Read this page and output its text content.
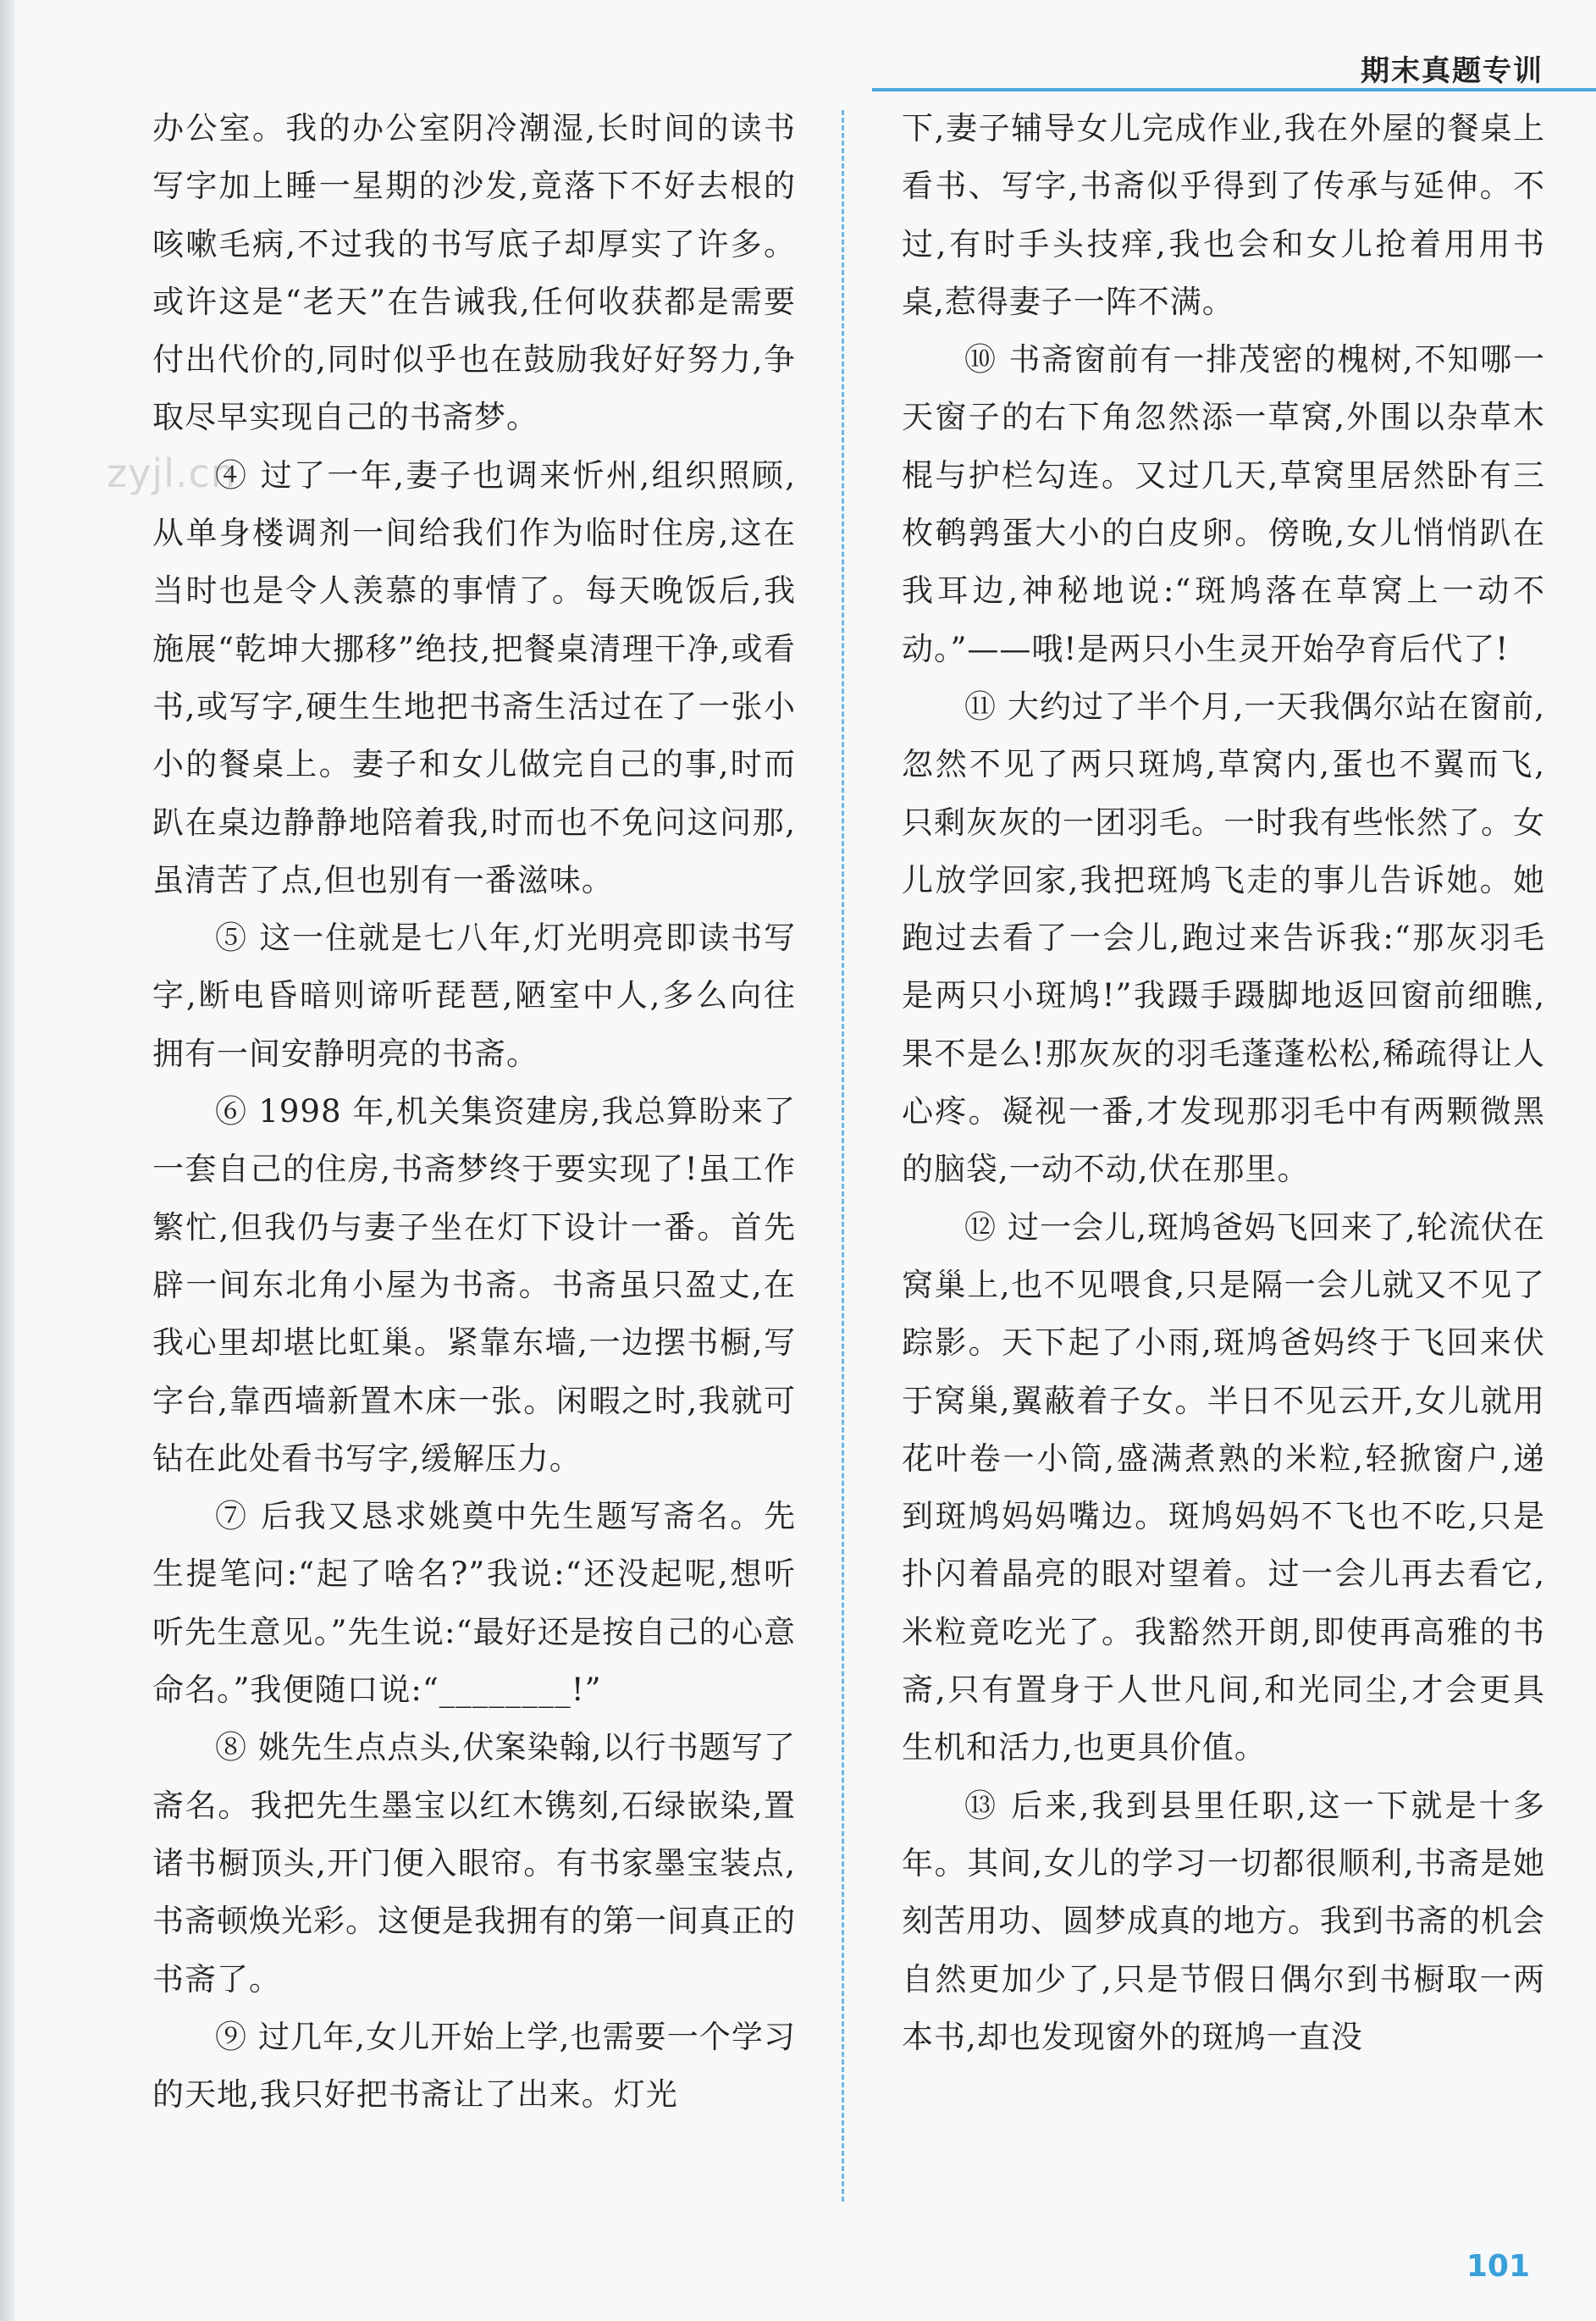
期末真题专训
zyjl.cn

办公室。我的办公室阴冷潮湿,长时间的读书写字加上睡一星期的沙发,竟落下不好去根的咳嗽毛病,不过我的书写底子却厚实了许多。或许这是“老天”在告诫我,任何收获都是需要付出代价的,同时似乎也在鼓励我好好努力,争取尽早实现自己的书斋梦。

④ 过了一年,妻子也调来忻州,组织照顾,从单身楼调剂一间给我们作为临时住房,这在当时也是令人羡慕的事情了。每天晚饭后,我施展“乾坤大挪移”绝技,把餐桌清理干净,或看书,或写字,硬生生地把书斋生活过在了一张小小的餐桌上。妻子和女儿做完自己的事,时而趴在桌边静静地陪着我,时而也不免问这问那,虽清苦了点,但也别有一番滋味。

⑤ 这一住就是七八年,灯光明亮即读书写字,断电昏暗则谛听琵琶,陋室中人,多么向往拥有一间安静明亮的书斋。

⑥ 1998 年,机关集资建房,我总算盼来了一套自己的住房,书斋梦终于要实现了!虽工作繁忙,但我仍与妻子坐在灯下设计一番。首先辟一间东北角小屋为书斋。书斋虽只盈丈,在我心里却堪比虹巢。紧靠东墙,一边摆书橱,写字台,靠西墙新置木床一张。闲暇之时,我就可钻在此处看书写字,缓解压力。

⑦ 后我又恳求姚奠中先生题写斋名。先生提笔问:“起了啥名?”我说:“还没起呢,想听听先生意见。”先生说:“最好还是按自己的心意命名。”我便随口说:“________!”

⑧ 姚先生点点头,伏案染翰,以行书题写了斋名。我把先生墨宝以红木镌刻,石绿嵌染,置诸书橱顶头,开门便入眼帘。有书家墨宝装点,书斋顿焕光彩。这便是我拥有的第一间真正的书斋了。

⑨ 过几年,女儿开始上学,也需要一个学习的天地,我只好把书斋让了出来。灯光

下,妻子辅导女儿完成作业,我在外屋的餐桌上看书、写字,书斋似乎得到了传承与延伸。不过,有时手头技痒,我也会和女儿抢着用用书桌,惹得妻子一阵不满。

⑩ 书斋窗前有一排茂密的槐树,不知哪一天窗子的右下角忽然添一草窝,外围以杂草木棍与护栏勾连。又过几天,草窝里居然卧有三枚鹌鹑蛋大小的白皮卵。傍晚,女儿悄悄趴在我耳边,神秘地说:“斑鸠落在草窝上一动不动。”——哦!是两只小生灵开始孕育后代了!

⑪ 大约过了半个月,一天我偶尔站在窗前,忽然不见了两只斑鸠,草窝内,蛋也不翼而飞,只剩灰灰的一团羽毛。一时我有些怅然了。女儿放学回家,我把斑鸠飞走的事儿告诉她。她跑过去看了一会儿,跑过来告诉我:“那灰羽毛是两只小斑鸠!”我蹑手蹑脚地返回窗前细瞧,果不是么!那灰灰的羽毛蓬蓬松松,稀疏得让人心疼。凝视一番,才发现那羽毛中有两颗微黑的脑袋,一动不动,伏在那里。

⑫ 过一会儿,斑鸠爸妈飞回来了,轮流伏在窝巢上,也不见喂食,只是隔一会儿就又不见了踪影。天下起了小雨,斑鸠爸妈终于飞回来伏于窝巢,翼蔽着子女。半日不见云开,女儿就用花叶卷一小筒,盛满煮熟的米粒,轻掀窗户,递到斑鸠妈妈嘴边。斑鸠妈妈不飞也不吃,只是扑闪着晶亮的眼对望着。过一会儿再去看它,米粒竟吃光了。我豁然开朗,即使再高雅的书斋,只有置身于人世凡间,和光同尘,才会更具生机和活力,也更具价值。

⑬ 后来,我到县里任职,这一下就是十多年。其间,女儿的学习一切都很顺利,书斋是她刻苦用功、圆梦成真的地方。我到书斋的机会自然更加少了,只是节假日偶尔到书橱取一两本书,却也发现窗外的斑鸠一直没

101
